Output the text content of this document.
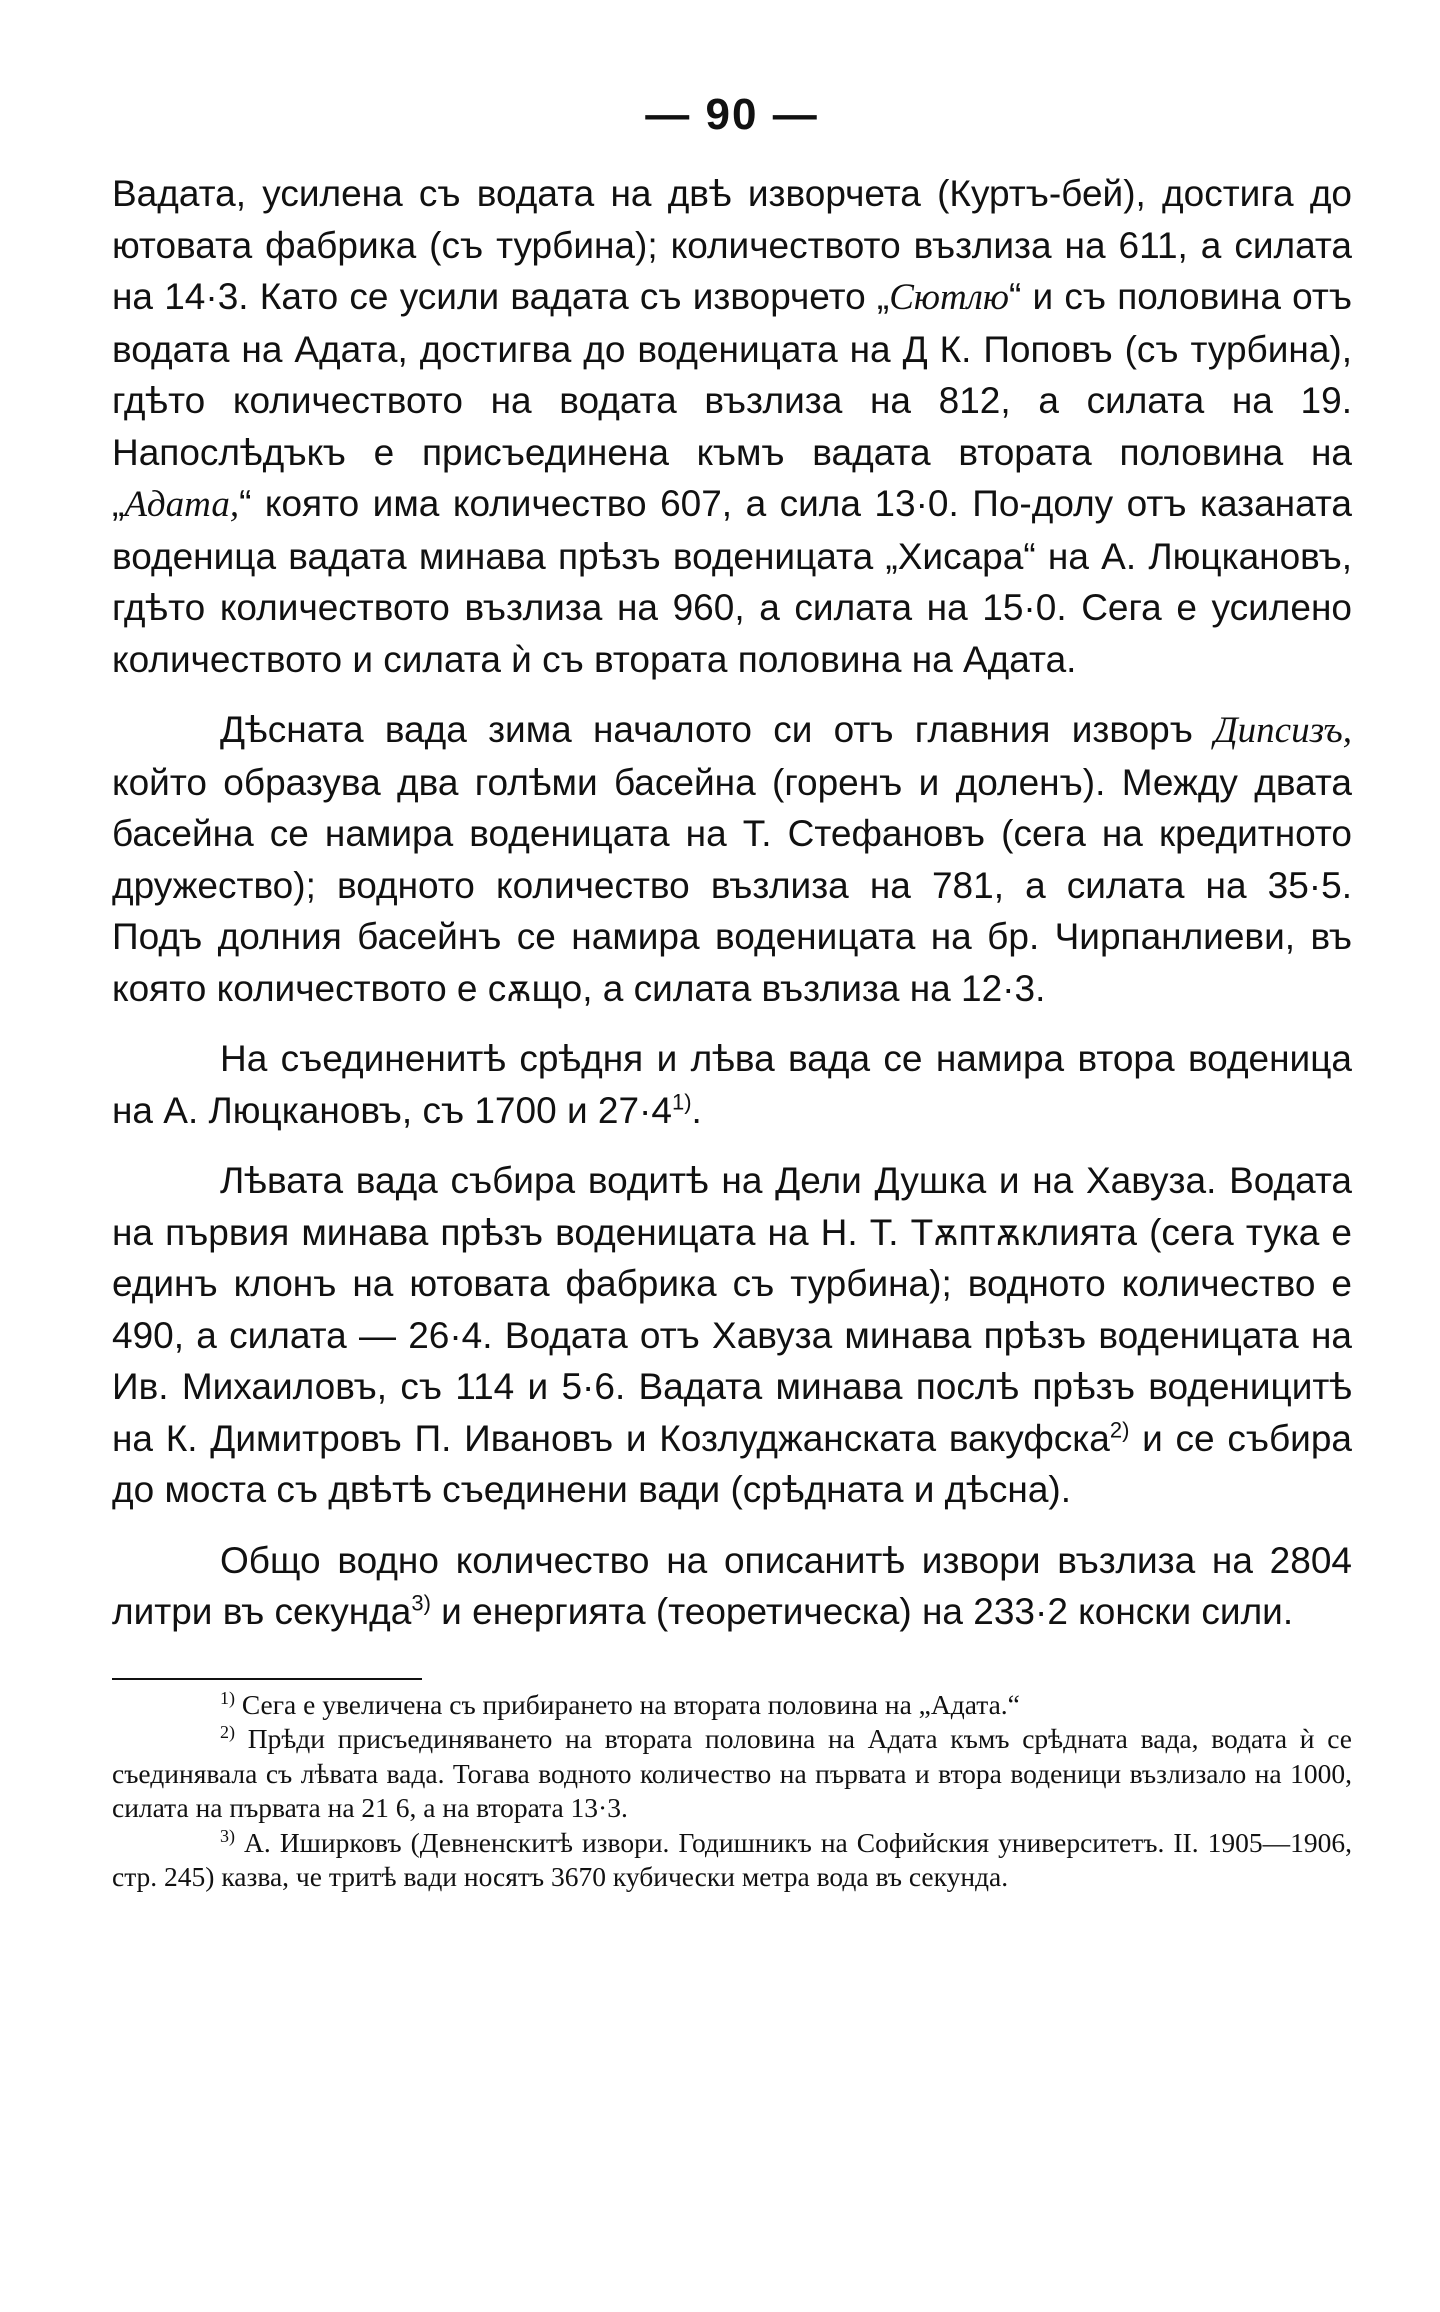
— 90 —

Вадата, усилена съ водата на двѣ изворчета (Куртъ-бей), достига до ютовата фабрика (съ турбина); количеството възлиза на 611, а силата на 14·3. Като се усили вадата съ изворчето „Сютлю“ и съ половина отъ водата на Адата, достигва до воденицата на Д К. Поповъ (съ турбина), гдѣто количеството на водата възлиза на 812, а силата на 19. Напослѣдъкъ е присъединена къмъ вадата втората половина на „Адата,“ която има количество 607, а сила 13·0. По-долу отъ казаната воденица вадата минава прѣзъ воденицата „Хисара“ на А. Люцкановъ, гдѣто количеството възлиза на 960, а силата на 15·0. Сега е усилено количеството и силата ѝ съ втората половина на Адата.

Дѣсната вада зима началото си отъ главния изворъ Дипсизъ, който образува два голѣми басейна (горенъ и доленъ). Между двата басейна се намира воденицата на Т. Стефановъ (сега на кредитното дружество); водното количество възлиза на 781, а силата на 35·5. Подъ долния басейнъ се намира воденицата на бр. Чирпанлиеви, въ която количеството е сѫщо, а силата възлиза на 12·3.

На съединенитѣ срѣдня и лѣва вада се намира втора воденица на А. Люцкановъ, съ 1700 и $27\cdot 4^{1)}$.

Лѣвата вада събира водитѣ на Дели Душка и на Хавуза. Водата на първия минава прѣзъ воденицата на Н. Т. Тѫптѫклията (сега тука е единъ клонъ на ютовата фабрика съ турбина); водното количество е 490, а силата — 26·4. Водата отъ Хавуза минава прѣзъ воденицата на Ив. Михаиловъ, съ 114 и 5·6. Вадата минава послѣ прѣзъ воденицитѣ на К. Димитровъ П. Ивановъ и Козлуджанската вакуфска$^{2)}$ и се събира до моста съ двѣтѣ съединени вади (срѣдната и дѣсна).

Общо водно количество на описанитѣ извори възлиза на 2804 литри въ секунда$^{3)}$ и енергията (теоретическа) на 233·2 конски сили.

$^{1)}$ Сега е увеличена съ прибирането на втората половина на „Адата.“

$^{2)}$ Прѣди присъединяването на втората половина на Адата къмъ срѣдната вада, водата ѝ се съединявала съ лѣвата вада. Тогава водното количество на първата и втора воденици възлизало на 1000, силата на първата на 21 6, а на втората 13·3.

$^{3)}$ А. Иширковъ (Девненскитѣ извори. Годишникъ на Софийския университетъ. II. 1905—1906, стр. 245) казва, че тритѣ вади носятъ 3670 кубически метра вода въ секунда.
